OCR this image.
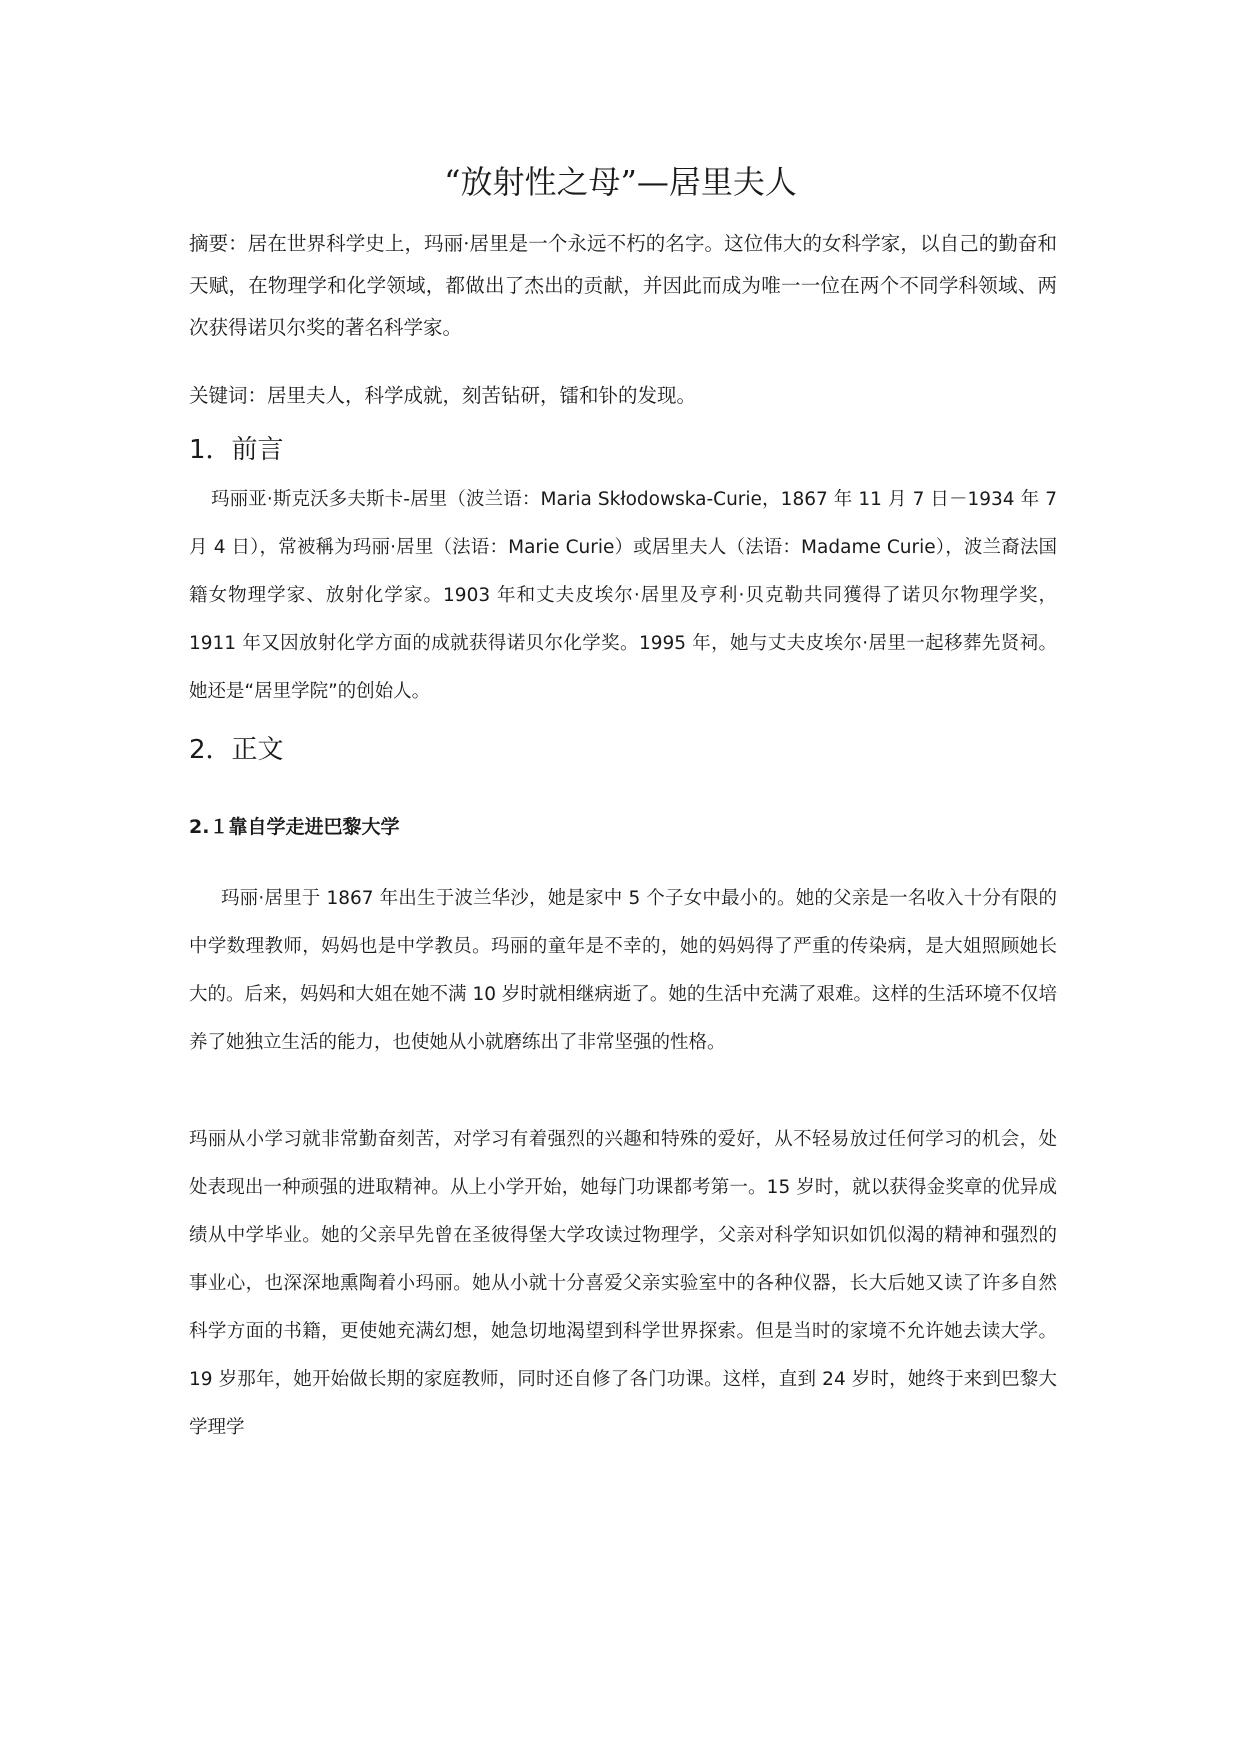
“放射性之母”—居里夫人

摘要：居在世界科学史上，玛丽·居里是一个永远不朽的名字。这位伟大的女科学家，以自己的勤奋和天赋，在物理学和化学领域，都做出了杰出的贡献，并因此而成为唯一一位在两个不同学科领域、两次获得诺贝尔奖的著名科学家。

关键词：居里夫人，科学成就，刻苦钻研，镭和钋的发现。

1．前言

玛丽亚·斯克沃多夫斯卡-居里（波兰语：Maria Skłodowska-Curie，1867 年 11 月 7 日－1934 年 7 月 4 日），常被稱为玛丽·居里（法语：Marie Curie）或居里夫人（法语：Madame Curie），波兰裔法国籍女物理学家、放射化学家。1903 年和丈夫皮埃尔·居里及亨利·贝克勒共同獲得了诺贝尔物理学奖，1911 年又因放射化学方面的成就获得诺贝尔化学奖。1995 年，她与丈夫皮埃尔·居里一起移葬先贤祠。她还是“居里学院”的创始人。

2．正文
2.１靠自学走进巴黎大学

玛丽·居里于 1867 年出生于波兰华沙，她是家中 5 个子女中最小的。她的父亲是一名收入十分有限的中学数理教师，妈妈也是中学教员。玛丽的童年是不幸的，她的妈妈得了严重的传染病，是大姐照顾她长大的。后来，妈妈和大姐在她不满 10 岁时就相继病逝了。她的生活中充满了艰难。这样的生活环境不仅培养了她独立生活的能力，也使她从小就磨练出了非常坚强的性格。

玛丽从小学习就非常勤奋刻苦，对学习有着强烈的兴趣和特殊的爱好，从不轻易放过任何学习的机会，处处表现出一种顽强的进取精神。从上小学开始，她每门功课都考第一。15 岁时，就以获得金奖章的优异成绩从中学毕业。她的父亲早先曾在圣彼得堡大学攻读过物理学，父亲对科学知识如饥似渴的精神和强烈的事业心，也深深地熏陶着小玛丽。她从小就十分喜爱父亲实验室中的各种仪器，长大后她又读了许多自然科学方面的书籍，更使她充满幻想，她急切地渴望到科学世界探索。但是当时的家境不允许她去读大学。19 岁那年，她开始做长期的家庭教师，同时还自修了各门功课。这样，直到 24 岁时，她终于来到巴黎大学理学
